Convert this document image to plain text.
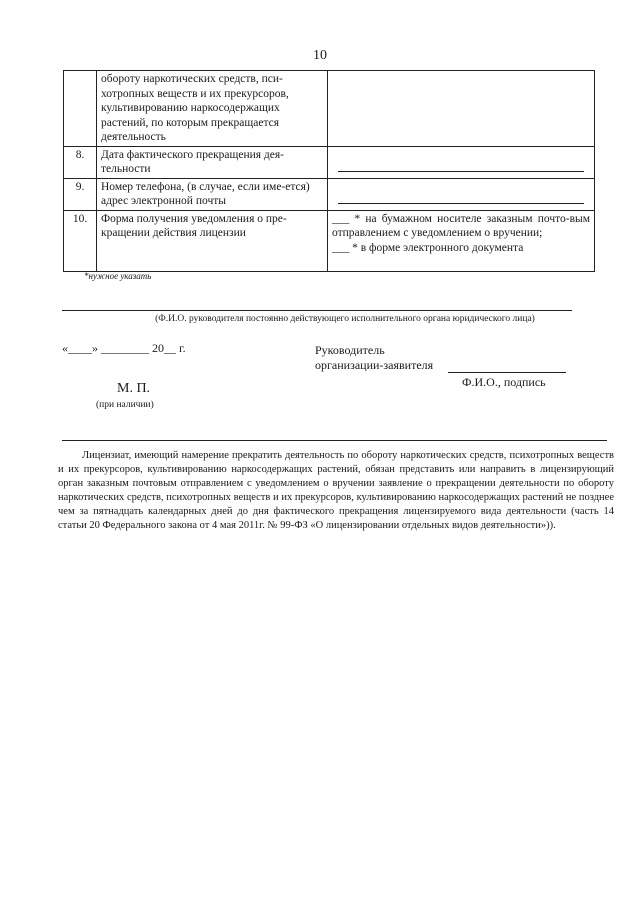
10
	обороту наркотических средств, пси-хотропных веществ и их прекурсоров, культивированию наркосодержащих растений, по которым прекращается деятельность	
8.	Дата фактического прекращения дея-тельности	

9.	Номер телефона, (в случае, если име-ется) адрес электронной почты	

10.	Форма получения уведомления о пре-кращении действия лицензии	___ * на бумажном носителе заказным почто-вым отправлением с уведомлением о вручении;
___ * в форме электронного документа
*нужное указать
(Ф.И.О. руководителя постоянно действующего исполнительного органа юридического лица)
«____» ________ 20__ г.	Руководитель
организации-заявителя
Ф.И.О., подпись
М. П.
(при наличии)
Лицензиат, имеющий намерение прекратить деятельность по обороту наркотических средств, психотропных веществ и их прекурсоров, культивированию наркосодержащих растений, обязан представить или направить в лицензирующий орган заказным почтовым отправлением с уведомлением о вручении заявление о прекращении деятельности по обороту наркотических средств, психотропных веществ и их прекурсоров, культивированию наркосодержащих растений не позднее чем за пятнадцать календарных дней до дня фактического прекращения лицензируемого вида деятельности (часть 14 статьи 20 Федерального закона от 4 мая 2011г. № 99-ФЗ «О лицензировании отдельных видов деятельности»)).
